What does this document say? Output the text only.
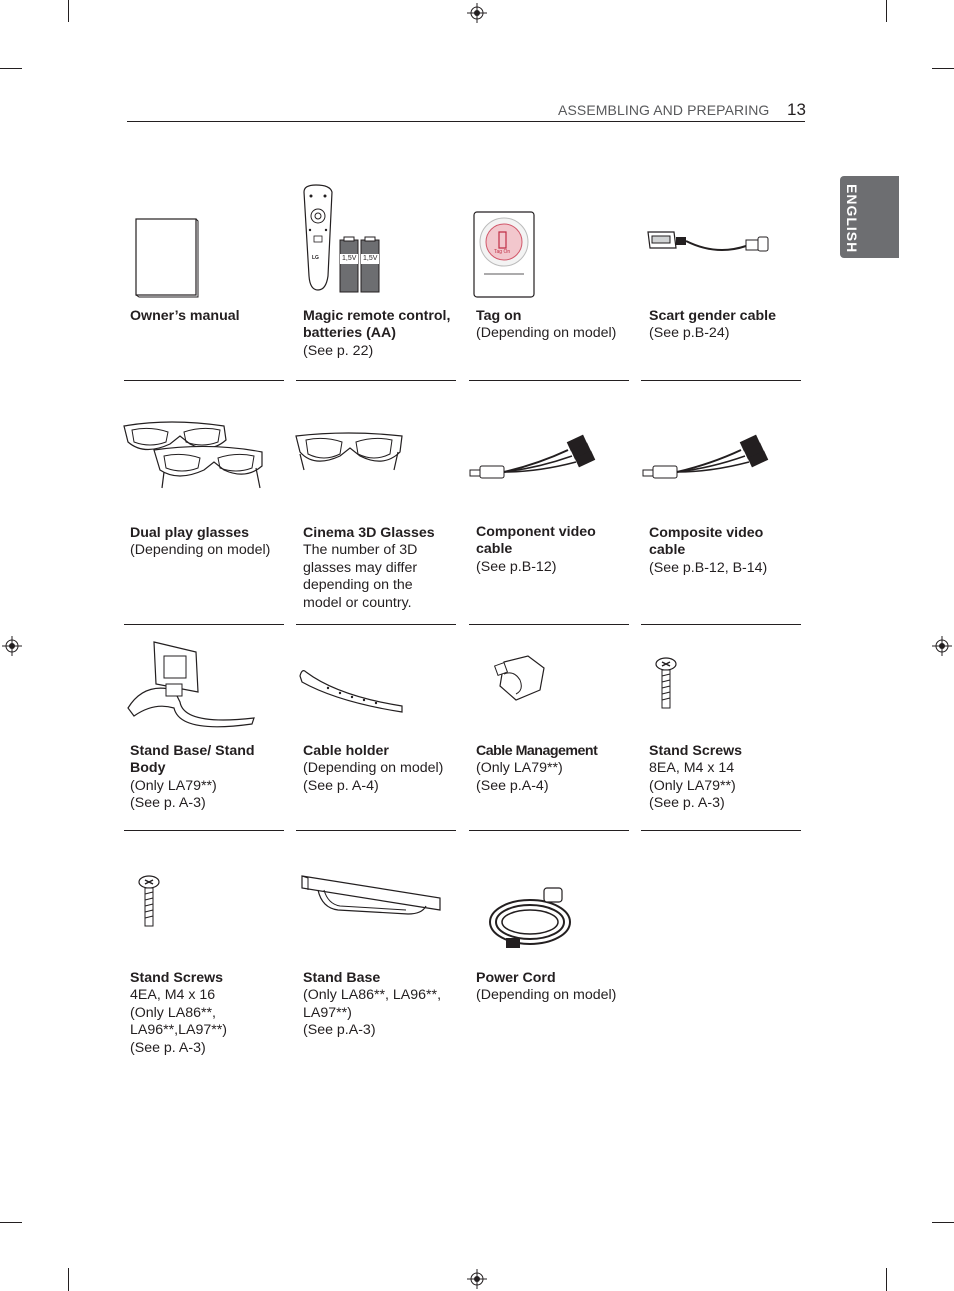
ASSEMBLING AND PREPARING 13
ENGLISH
LG	1,5V 1,5V
Tag On
Owner’s manual	Magic remote control, batteries (AA)
(See p. 22)
Tag on
(Depending on model)
Scart gender cable
(See p.B-24)
Dual play glasses
(Depending on model)
Cinema 3D Glasses
The number of 3D glasses may differ depending on the model or country.
Component video cable
(See p.B-12)
Composite video cable
(See p.B-12, B-14)
Stand Base/ Stand Body
(Only LA79**)
(See p. A-3)
Cable holder
(Depending on model)
(See p. A-4)
Cable Management
(Only LA79**)
(See p.A-4)
Stand Screws
8EA, M4 x 14
(Only LA79**)
(See p. A-3)
Stand Screws
4EA, M4 x 16
(Only LA86**,
LA96**,LA97**)
(See p. A-3)
Stand Base
(Only LA86**, LA96**,
LA97**)
(See p.A-3)
Power Cord
(Depending on model)
